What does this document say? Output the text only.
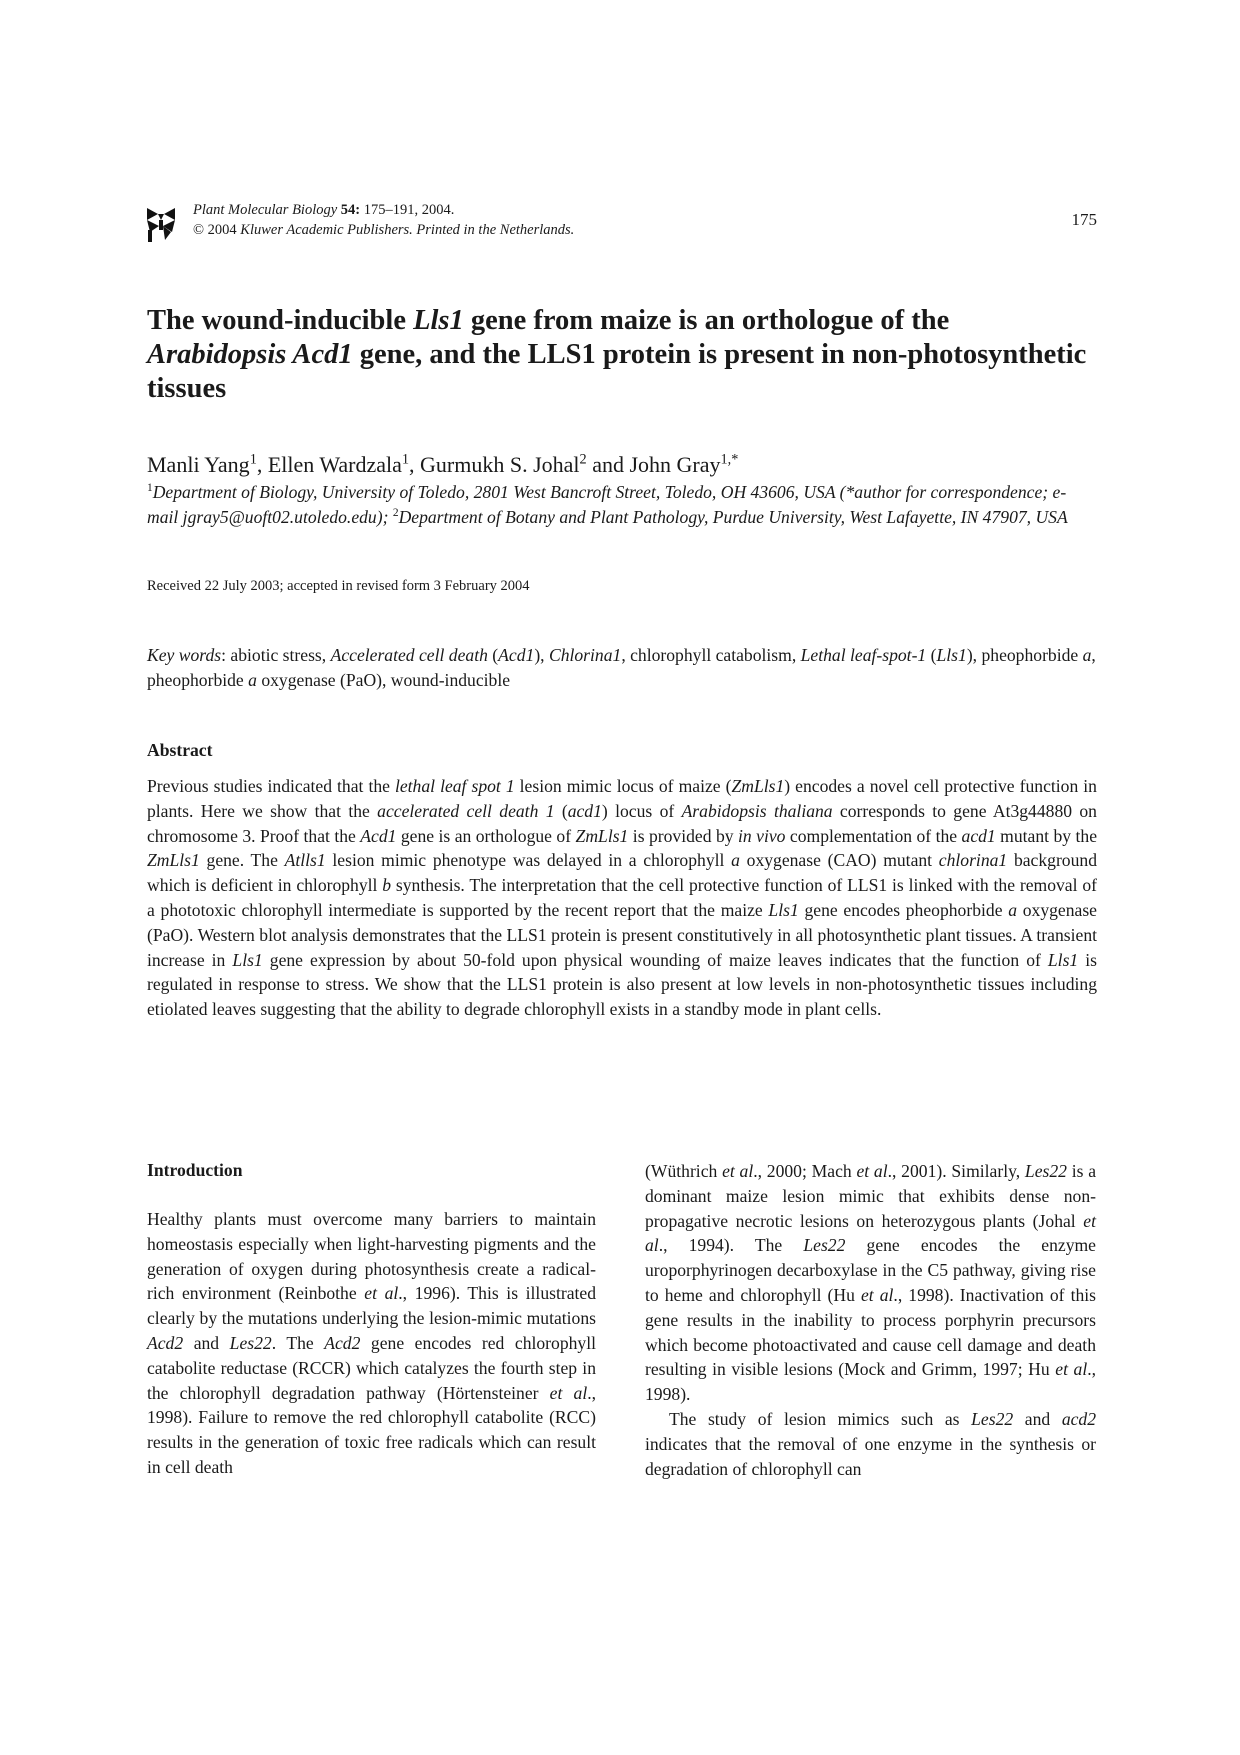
Plant Molecular Biology 54: 175–191, 2004.
© 2004 Kluwer Academic Publishers. Printed in the Netherlands.
175
The wound-inducible Lls1 gene from maize is an orthologue of the
Arabidopsis Acd1 gene, and the LLS1 protein is present in non-photosynthetic tissues
Manli Yang$^1$, Ellen Wardzala$^1$, Gurmukh S. Johal$^2$ and John Gray$^{1,*}$
$^1$Department of Biology, University of Toledo, 2801 West Bancroft Street, Toledo, OH 43606, USA (*author for correspondence; e-mail jgray5@uoft02.utoledo.edu); $^2$Department of Botany and Plant Pathology, Purdue University, West Lafayette, IN 47907, USA
Received 22 July 2003; accepted in revised form 3 February 2004
Key words: abiotic stress, Accelerated cell death (Acd1), Chlorina1, chlorophyll catabolism, Lethal leaf-spot-1 (Lls1), pheophorbide a, pheophorbide a oxygenase (PaO), wound-inducible
Abstract

Previous studies indicated that the lethal leaf spot 1 lesion mimic locus of maize (ZmLls1) encodes a novel cell protective function in plants. Here we show that the accelerated cell death 1 (acd1) locus of Arabidopsis thaliana corresponds to gene At3g44880 on chromosome 3. Proof that the Acd1 gene is an orthologue of ZmLls1 is provided by in vivo complementation of the acd1 mutant by the ZmLls1 gene. The Atlls1 lesion mimic phenotype was delayed in a chlorophyll a oxygenase (CAO) mutant chlorina1 background which is deficient in chlorophyll b synthesis. The interpretation that the cell protective function of LLS1 is linked with the removal of a phototoxic chlorophyll intermediate is supported by the recent report that the maize Lls1 gene encodes pheophorbide a oxygenase (PaO). Western blot analysis demonstrates that the LLS1 protein is present constitutively in all photosynthetic plant tissues. A transient increase in Lls1 gene expression by about 50-fold upon physical wounding of maize leaves indicates that the function of Lls1 is regulated in response to stress. We show that the LLS1 protein is also present at low levels in non-photosynthetic tissues including etiolated leaves suggesting that the ability to degrade chlorophyll exists in a standby mode in plant cells.

Introduction

Healthy plants must overcome many barriers to maintain homeostasis especially when light-harvesting pigments and the generation of oxygen during photosynthesis create a radical-rich environment (Reinbothe et al., 1996). This is illustrated clearly by the mutations underlying the lesion-mimic mutations Acd2 and Les22. The Acd2 gene encodes red chlorophyll catabolite reductase (RCCR) which catalyzes the fourth step in the chlorophyll degradation pathway (Hörtensteiner et al., 1998). Failure to remove the red chlorophyll catabolite (RCC) results in the generation of toxic free radicals which can result in cell death

(Wüthrich et al., 2000; Mach et al., 2001). Similarly, Les22 is a dominant maize lesion mimic that exhibits dense non-propagative necrotic lesions on heterozygous plants (Johal et al., 1994). The Les22 gene encodes the enzyme uroporphyrinogen decarboxylase in the C5 pathway, giving rise to heme and chlorophyll (Hu et al., 1998). Inactivation of this gene results in the inability to process porphyrin precursors which become photoactivated and cause cell damage and death resulting in visible lesions (Mock and Grimm, 1997; Hu et al., 1998).

The study of lesion mimics such as Les22 and acd2 indicates that the removal of one enzyme in the synthesis or degradation of chlorophyll can
